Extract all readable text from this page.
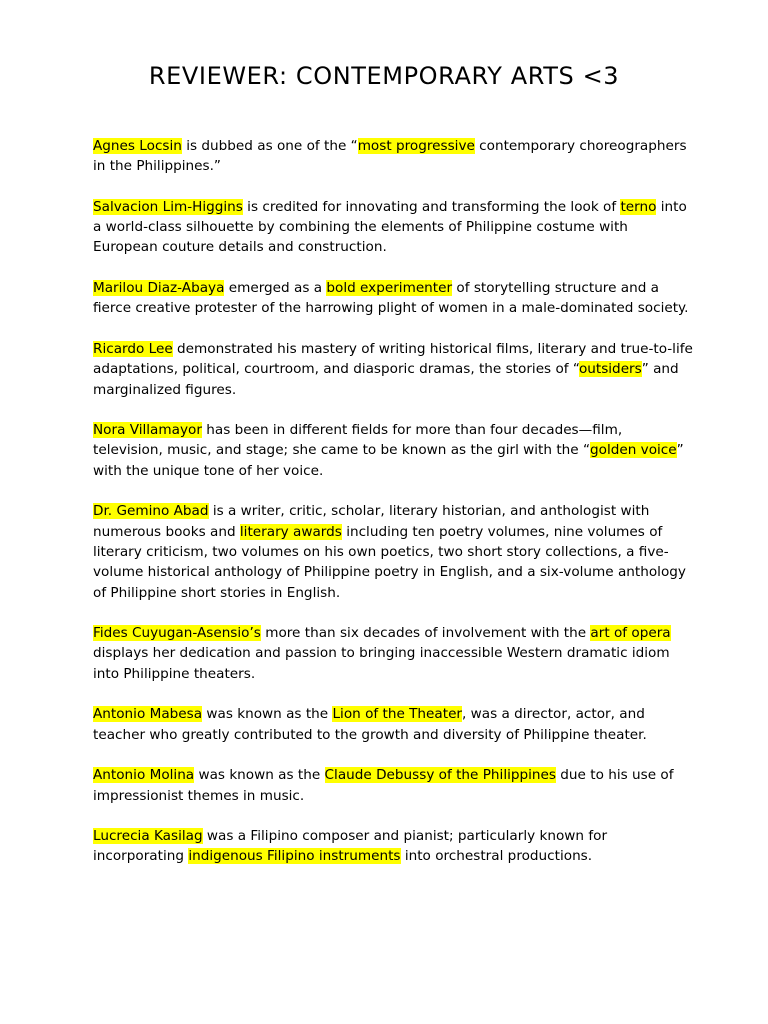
REVIEWER: CONTEMPORARY ARTS <3

Agnes Locsin is dubbed as one of the “most progressive contemporary choreographers in the Philippines.”

Salvacion Lim-Higgins is credited for innovating and transforming the look of terno into a world-class silhouette by combining the elements of Philippine costume with European couture details and construction.

Marilou Diaz-Abaya emerged as a bold experimenter of storytelling structure and a fierce creative protester of the harrowing plight of women in a male-dominated society.

Ricardo Lee demonstrated his mastery of writing historical films, literary and true-to-life adaptations, political, courtroom, and diasporic dramas, the stories of “outsiders” and marginalized figures.

Nora Villamayor has been in different fields for more than four decades—film, television, music, and stage; she came to be known as the girl with the “golden voice” with the unique tone of her voice.

Dr. Gemino Abad is a writer, critic, scholar, literary historian, and anthologist with numerous books and literary awards including ten poetry volumes, nine volumes of literary criticism, two volumes on his own poetics, two short story collections, a five-volume historical anthology of Philippine poetry in English, and a six-volume anthology of Philippine short stories in English.

Fides Cuyugan-Asensio’s more than six decades of involvement with the art of opera displays her dedication and passion to bringing inaccessible Western dramatic idiom into Philippine theaters.

Antonio Mabesa was known as the Lion of the Theater, was a director, actor, and teacher who greatly contributed to the growth and diversity of Philippine theater.

Antonio Molina was known as the Claude Debussy of the Philippines due to his use of impressionist themes in music.

Lucrecia Kasilag was a Filipino composer and pianist; particularly known for incorporating indigenous Filipino instruments into orchestral productions.
